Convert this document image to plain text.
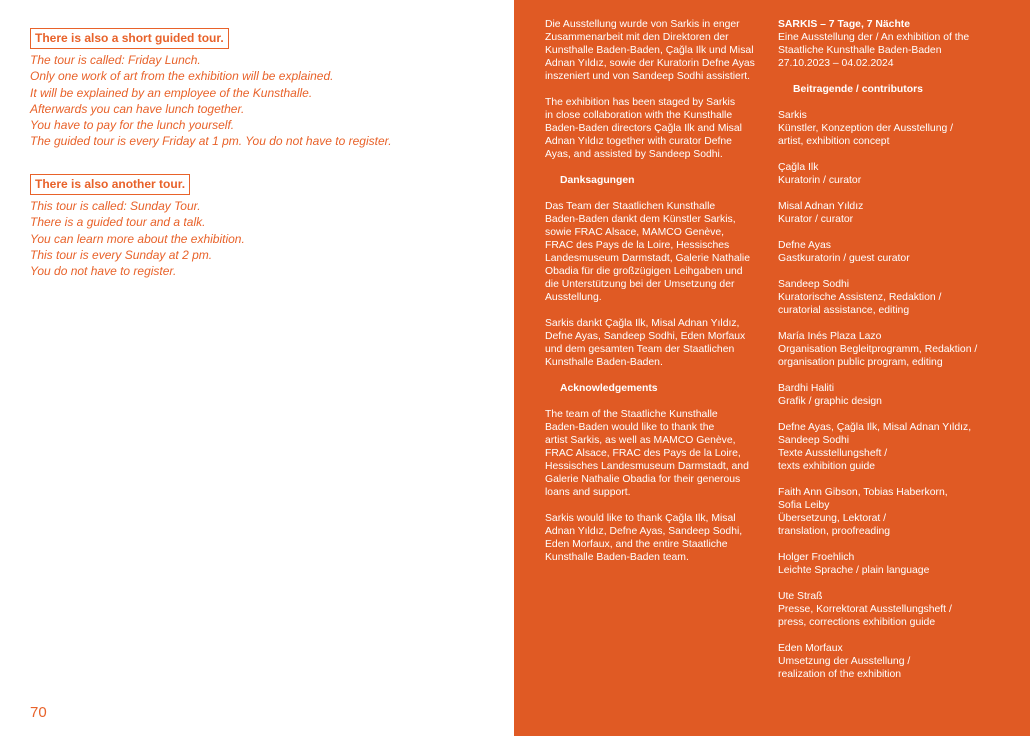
There is also a short guided tour.
The tour is called: Friday Lunch.
Only one work of art from the exhibition will be explained.
It will be explained by an employee of the Kunsthalle.
Afterwards you can have lunch together.
You have to pay for the lunch yourself.
The guided tour is every Friday at 1 pm. You do not have to register.
There is also another tour.
This tour is called: Sunday Tour.
There is a guided tour and a talk.
You can learn more about the exhibition.
This tour is every Sunday at 2 pm.
You do not have to register.
70
Die Ausstellung wurde von Sarkis in enger
Zusammenarbeit mit den Direktoren der
Kunsthalle Baden-Baden, Çağla Ilk und Misal
Adnan Yıldız, sowie der Kuratorin Defne Ayas
inszeniert und von Sandeep Sodhi assistiert.
The exhibition has been staged by Sarkis
in close collaboration with the Kunsthalle
Baden-Baden directors Çağla Ilk and Misal
Adnan Yıldız together with curator Defne
Ayas, and assisted by Sandeep Sodhi.
Danksagungen
Das Team der Staatlichen Kunsthalle
Baden-Baden dankt dem Künstler Sarkis,
sowie FRAC Alsace, MAMCO Genève,
FRAC des Pays de la Loire, Hessisches
Landesmuseum Darmstadt, Galerie Nathalie
Obadia für die großzügigen Leihgaben und
die Unterstützung bei der Umsetzung der
Ausstellung.
Sarkis dankt Çağla Ilk, Misal Adnan Yıldız,
Defne Ayas, Sandeep Sodhi, Eden Morfaux
und dem gesamten Team der Staatlichen
Kunsthalle Baden-Baden.
Acknowledgements
The team of the Staatliche Kunsthalle
Baden-Baden would like to thank the
artist Sarkis, as well as MAMCO Genève,
FRAC Alsace, FRAC des Pays de la Loire,
Hessisches Landesmuseum Darmstadt, and
Galerie Nathalie Obadia for their generous
loans and support.
Sarkis would like to thank Çağla Ilk, Misal
Adnan Yıldız, Defne Ayas, Sandeep Sodhi,
Eden Morfaux, and the entire Staatliche
Kunsthalle Baden-Baden team.
SARKIS – 7 Tage, 7 Nächte
Eine Ausstellung der / An exhibition of the
Staatliche Kunsthalle Baden-Baden
27.10.2023 – 04.02.2024
Beitragende / contributors
Sarkis
Künstler, Konzeption der Ausstellung /
artist, exhibition concept
Çağla Ilk
Kuratorin / curator
Misal Adnan Yıldız
Kurator / curator
Defne Ayas
Gastkuratorin / guest curator
Sandeep Sodhi
Kuratorische Assistenz, Redaktion /
curatorial assistance, editing
María Inés Plaza Lazo
Organisation Begleitprogramm, Redaktion /
organisation public program, editing
Bardhi Haliti
Grafik / graphic design
Defne Ayas, Çağla Ilk, Misal Adnan Yıldız,
Sandeep Sodhi
Texte Ausstellungsheft /
texts exhibition guide
Faith Ann Gibson, Tobias Haberkorn,
Sofia Leiby
Übersetzung, Lektorat /
translation, proofreading
Holger Froehlich
Leichte Sprache / plain language
Ute Straß
Presse, Korrektorat Ausstellungsheft /
press, corrections exhibition guide
Eden Morfaux
Umsetzung der Ausstellung /
realization of the exhibition
